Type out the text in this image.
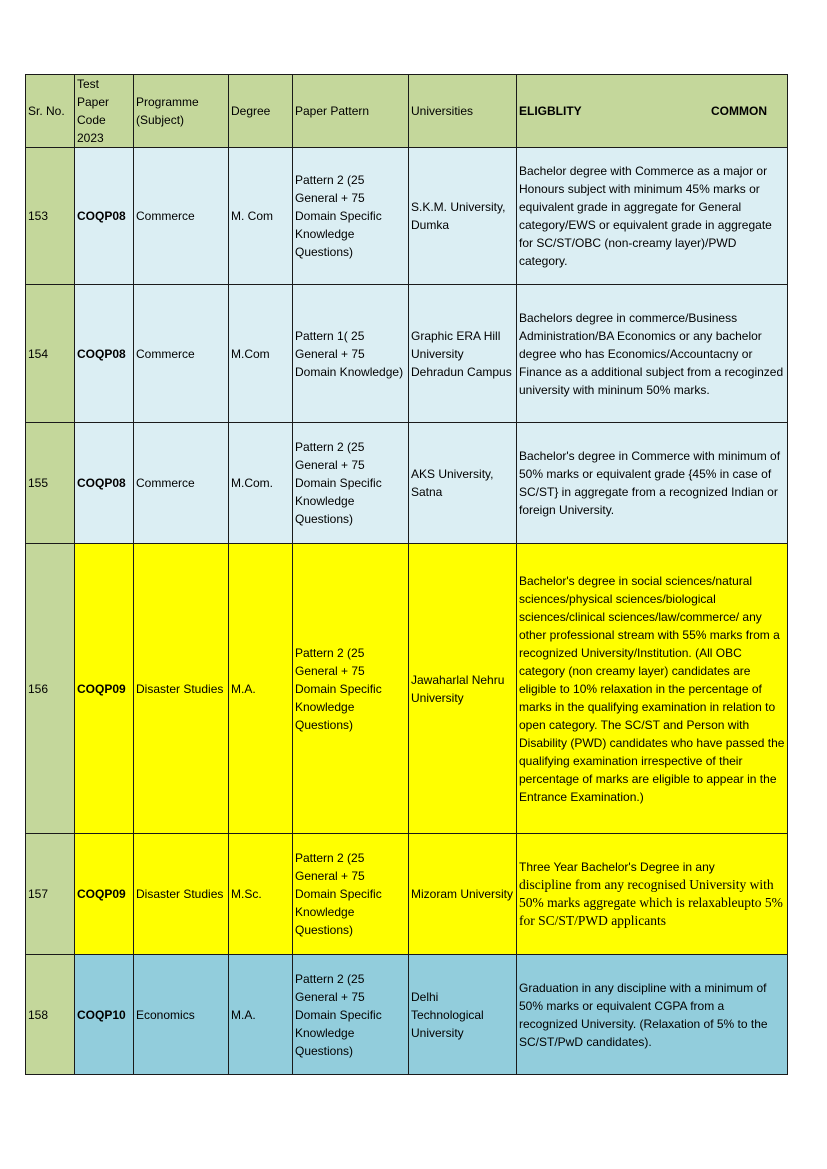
Sr. No.	Test Paper Code 2023	Programme (Subject)	Degree	Paper Pattern	Universities	ELIGBLITY COMMON

153	COQP08	Commerce	M. Com	Pattern 2 (25 General + 75 Domain Specific Knowledge Questions)	S.K.M. University, Dumka	Bachelor degree with Commerce as a major or Honours subject with minimum 45% marks or equivalent grade in aggregate for General category/EWS or equivalent grade in aggregate for SC/ST/OBC (non-creamy layer)/PWD category.
154	COQP08	Commerce	M.Com	Pattern 1( 25 General + 75 Domain Knowledge)	Graphic ERA Hill University Dehradun Campus	Bachelors degree in commerce/Business Administration/BA Economics or any bachelor degree who has Economics/Accountacny or Finance as a additional subject from a recoginzed university with mininum 50% marks.
155	COQP08	Commerce	M.Com.	Pattern 2 (25 General + 75 Domain Specific Knowledge Questions)	AKS University, Satna	Bachelor's degree in Commerce with minimum of 50% marks or equivalent grade {45% in case of SC/ST} in aggregate from a recognized Indian or foreign University.
156	COQP09	Disaster Studies	M.A.	Pattern 2 (25 General + 75 Domain Specific Knowledge Questions)	Jawaharlal Nehru University	Bachelor's degree in social sciences/natural sciences/physical sciences/biological sciences/clinical sciences/law/commerce/ any other professional stream with 55% marks from a recognized University/Institution. (All OBC category (non creamy layer) candidates are eligible to 10% relaxation in the percentage of marks in the qualifying examination in relation to open category. The SC/ST and Person with Disability (PWD) candidates who have passed the qualifying examination irrespective of their percentage of marks are eligible to appear in the Entrance Examination.)
157	COQP09	Disaster Studies	M.Sc.	Pattern 2 (25 General + 75 Domain Specific Knowledge Questions)	Mizoram University	Three Year Bachelor's Degree in any
discipline from any recognised University with 50% marks aggregate which is relaxableupto 5% for SC/ST/PWD applicants

158	COQP10	Economics	M.A.	Pattern 2 (25 General + 75 Domain Specific Knowledge Questions)	Delhi Technological University	Graduation in any discipline with a minimum of 50% marks or equivalent CGPA from a recognized University. (Relaxation of 5% to the SC/ST/PwD candidates).
